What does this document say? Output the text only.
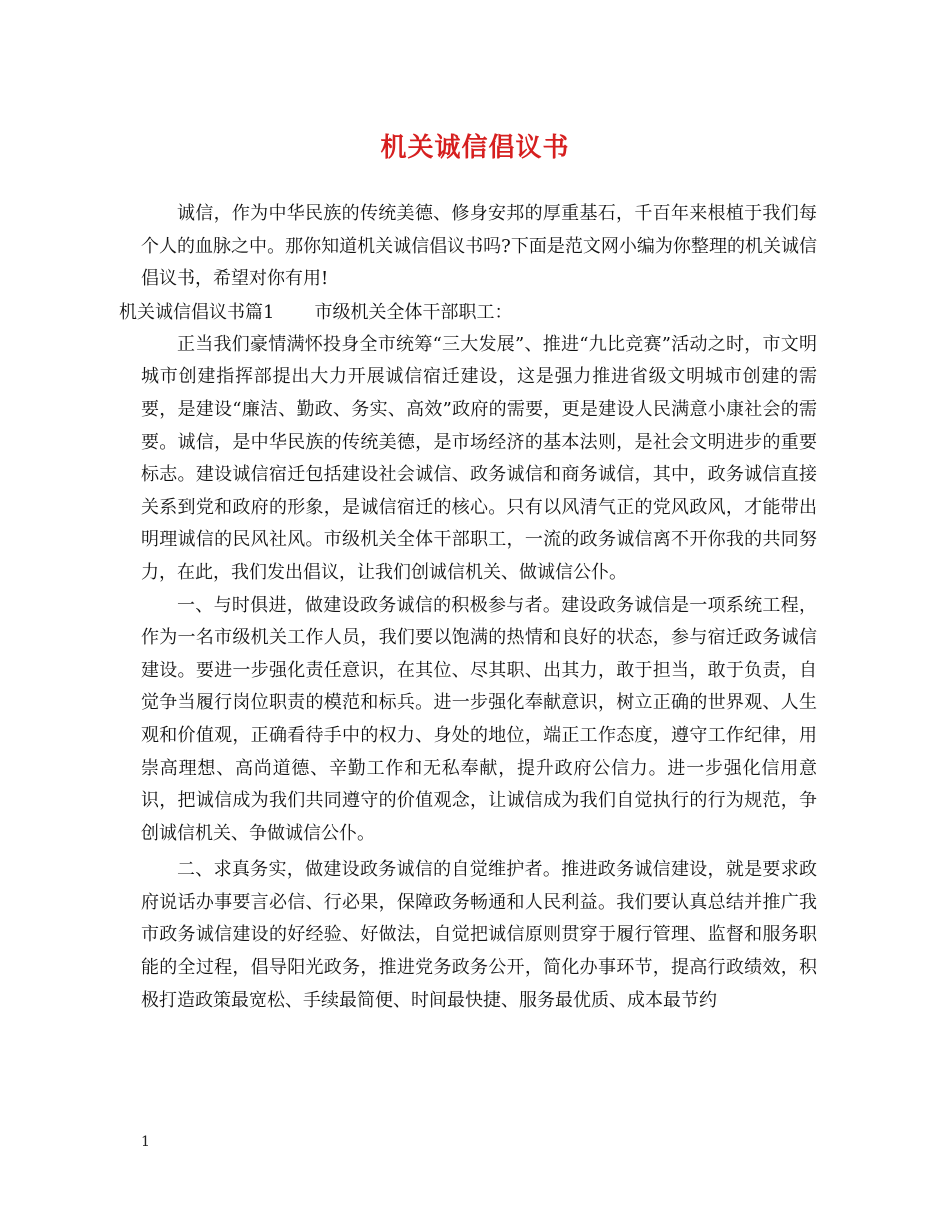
机关诚信倡议书

诚信，作为中华民族的传统美德、修身安邦的厚重基石，千百年来根植于我们每个人的血脉之中。那你知道机关诚信倡议书吗?下面是范文网小编为你整理的机关诚信倡议书，希望对你有用!

机关诚信倡议书篇1 市级机关全体干部职工：

正当我们豪情满怀投身全市统筹“三大发展”、推进“九比竞赛”活动之时，市文明城市创建指挥部提出大力开展诚信宿迁建设，这是强力推进省级文明城市创建的需要，是建设“廉洁、勤政、务实、高效”政府的需要，更是建设人民满意小康社会的需要。诚信，是中华民族的传统美德，是市场经济的基本法则，是社会文明进步的重要标志。建设诚信宿迁包括建设社会诚信、政务诚信和商务诚信，其中，政务诚信直接关系到党和政府的形象，是诚信宿迁的核心。只有以风清气正的党风政风，才能带出明理诚信的民风社风。市级机关全体干部职工，一流的政务诚信离不开你我的共同努力，在此，我们发出倡议，让我们创诚信机关、做诚信公仆。

一、与时俱进，做建设政务诚信的积极参与者。建设政务诚信是一项系统工程，作为一名市级机关工作人员，我们要以饱满的热情和良好的状态，参与宿迁政务诚信建设。要进一步强化责任意识，在其位、尽其职、出其力，敢于担当，敢于负责，自觉争当履行岗位职责的模范和标兵。进一步强化奉献意识，树立正确的世界观、人生观和价值观，正确看待手中的权力、身处的地位，端正工作态度，遵守工作纪律，用崇高理想、高尚道德、辛勤工作和无私奉献，提升政府公信力。进一步强化信用意识，把诚信成为我们共同遵守的价值观念，让诚信成为我们自觉执行的行为规范，争创诚信机关、争做诚信公仆。

二、求真务实，做建设政务诚信的自觉维护者。推进政务诚信建设，就是要求政府说话办事要言必信、行必果，保障政务畅通和人民利益。我们要认真总结并推广我市政务诚信建设的好经验、好做法，自觉把诚信原则贯穿于履行管理、监督和服务职能的全过程，倡导阳光政务，推进党务政务公开，简化办事环节，提高行政绩效，积极打造政策最宽松、手续最简便、时间最快捷、服务最优质、成本最节约

1
